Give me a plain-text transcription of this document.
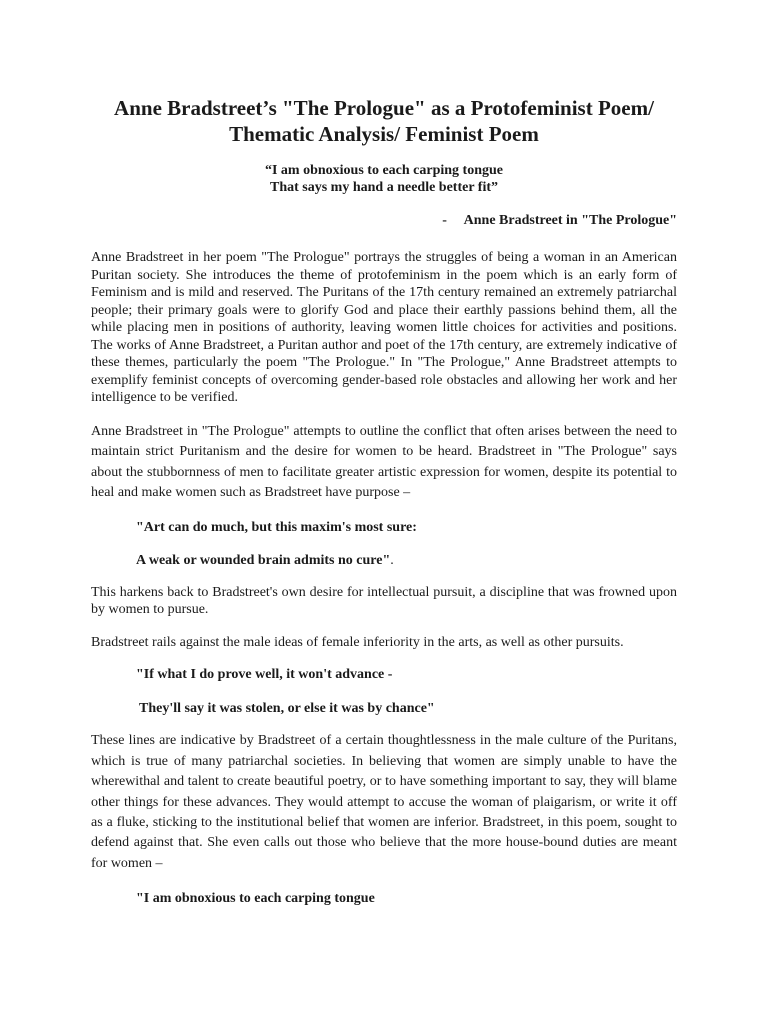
Anne Bradstreet’s "The Prologue" as a Protofeminist Poem/ Thematic Analysis/ Feminist Poem
“I am obnoxious to each carping tongue
That says my hand a needle better fit”
-     Anne Bradstreet in "The Prologue"

Anne Bradstreet in her poem "The Prologue" portrays the struggles of being a woman in an American Puritan society. She introduces the theme of protofeminism in the poem which is an early form of Feminism and is mild and reserved. The Puritans of the 17th century remained an extremely patriarchal people; their primary goals were to glorify God and place their earthly passions behind them, all the while placing men in positions of authority, leaving women little choices for activities and positions. The works of Anne Bradstreet, a Puritan author and poet of the 17th century, are extremely indicative of these themes, particularly the poem "The Prologue." In "The Prologue," Anne Bradstreet attempts to exemplify feminist concepts of overcoming gender-based role obstacles and allowing her work and her intelligence to be verified.

Anne Bradstreet in "The Prologue" attempts to outline the conflict that often arises between the need to maintain strict Puritanism and the desire for women to be heard. Bradstreet in "The Prologue" says about the stubbornness of men to facilitate greater artistic expression for women, despite its potential to heal and make women such as Bradstreet have purpose –

"Art can do much, but this maxim's most sure:

A weak or wounded brain admits no cure".

This harkens back to Bradstreet's own desire for intellectual pursuit, a discipline that was frowned upon by women to pursue.

Bradstreet rails against the male ideas of female inferiority in the arts, as well as other pursuits.

"If what I do prove well, it won't advance -

They'll say it was stolen, or else it was by chance"

These lines are indicative by Bradstreet of a certain thoughtlessness in the male culture of the Puritans, which is true of many patriarchal societies. In believing that women are simply unable to have the wherewithal and talent to create beautiful poetry, or to have something important to say, they will blame other things for these advances. They would attempt to accuse the woman of plaigarism, or write it off as a fluke, sticking to the institutional belief that women are inferior. Bradstreet, in this poem, sought to defend against that. She even calls out those who believe that the more house-bound duties are meant for women –

"I am obnoxious to each carping tongue
